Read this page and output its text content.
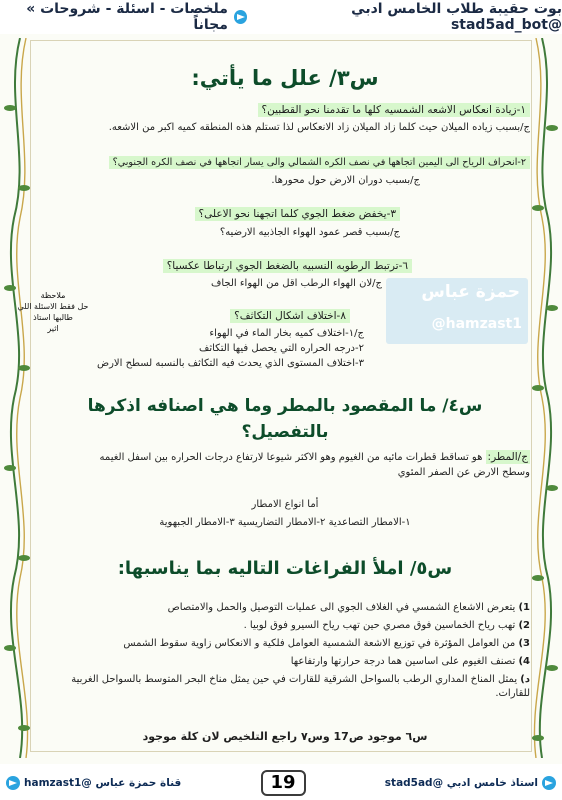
بوت حقيبة طلاب الخامس ادبي @stad5ad_bot
ملخصات - اسئلة - شروحات » مجاناً
س٣/ علل ما يأتي:
١-زيادة انعكاس الاشعه الشمسيه كلها ما تقدمنا نحو القطبين؟
ج/بسبب زياده الميلان حيث كلما زاد الميلان زاد الانعكاس لذا تستلم هذه المنطقه كميه اكبر من الاشعه.
٢-انحراف الرياح الى اليمين اتجاهها في نصف الكره الشمالي والى يسار اتجاهها في نصف الكره الجنوبي؟
ج/بسبب دوران الارض حول محورها.
٣-يخفض ضغط الجوي كلما اتجهنا نحو الاعلى؟
ج/بسبب قصر عمود الهواء الجاذبيه الارضيه؟
٦-ترتبط الرطوبه النسبيه بالضغط الجوي ارتباطا عكسيا؟
ج/لان الهواء الرطب اقل من الهواء الجاف
٨-اختلاف اشكال التكاثف؟
ج/١-اختلاف كميه بخار الماء في الهواء
٢-درجه الحراره التي يحصل فيها التكاثف
٣-اختلاف المستوى الذي يحدث فيه التكاثف بالنسبه لسطح الارض
س٤/ ما المقصود بالمطر وما هي اصنافه اذكرها
بالتفصيل؟
ج/المطر: هو تساقط قطرات مائيه من الغيوم وهو الاكثر شيوعا لارتفاع درجات الحراره بين اسفل الغيمه
وسطح الارض عن الصفر المئوي
أما انواع الامطار
١-الامطار التصاعدية ٢-الامطار التضاريسية ٣-الامطار الجبهوية
س٥/ املأ الفراغات التاليه بما يناسبها:
1) يتعرض الاشعاع الشمسي في الغلاف الجوي الى عمليات التوصيل والحمل والامتصاص
2) تهب رياح الخماسين فوق مصري حين تهب رياح السيرو فوق لوبيا .
3) من العوامل المؤثرة في توزيع الاشعة الشمسية العوامل فلكية و الانعكاس زاوية سقوط الشمس
4) تصنف الغيوم على اساسين هما درجة حرارتها وارتفاعها
د) يمثل المناخ المداري الرطب بالسواحل الشرقية للقارات في حين يمثل مناخ البحر المتوسط بالسواحل الغربية للقارات.
س٦ موجود ص17 وس٧ راجع التلخيص لان كلة موجود
ملاحظة
حل فقط الاسئلة اللي طالبها استاذ
اثير
حمزة عباس
@hamzast1
استاذ خامس ادبي @stad5ad
19
قناة حمزة عباس @hamzast1
